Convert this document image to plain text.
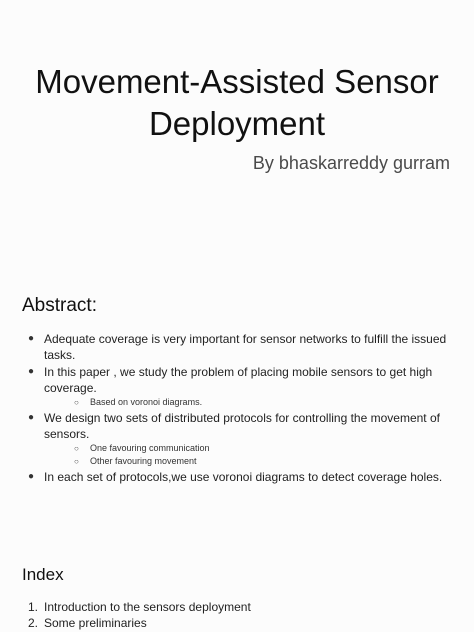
Movement-Assisted Sensor
Deployment
By bhaskarreddy gurram
Abstract:
● Adequate coverage is very important for sensor networks to fulfill the issued tasks.
● In this paper , we study the problem of placing mobile sensors to get high coverage.
○ Based on voronoi diagrams.
● We design two sets of distributed protocols for controlling the movement of sensors.
○ One favouring communication
○ Other favouring movement
● In each set of protocols,we use voronoi diagrams to detect coverage holes.
Index
1. Introduction to the sensors deployment
2. Some preliminaries
